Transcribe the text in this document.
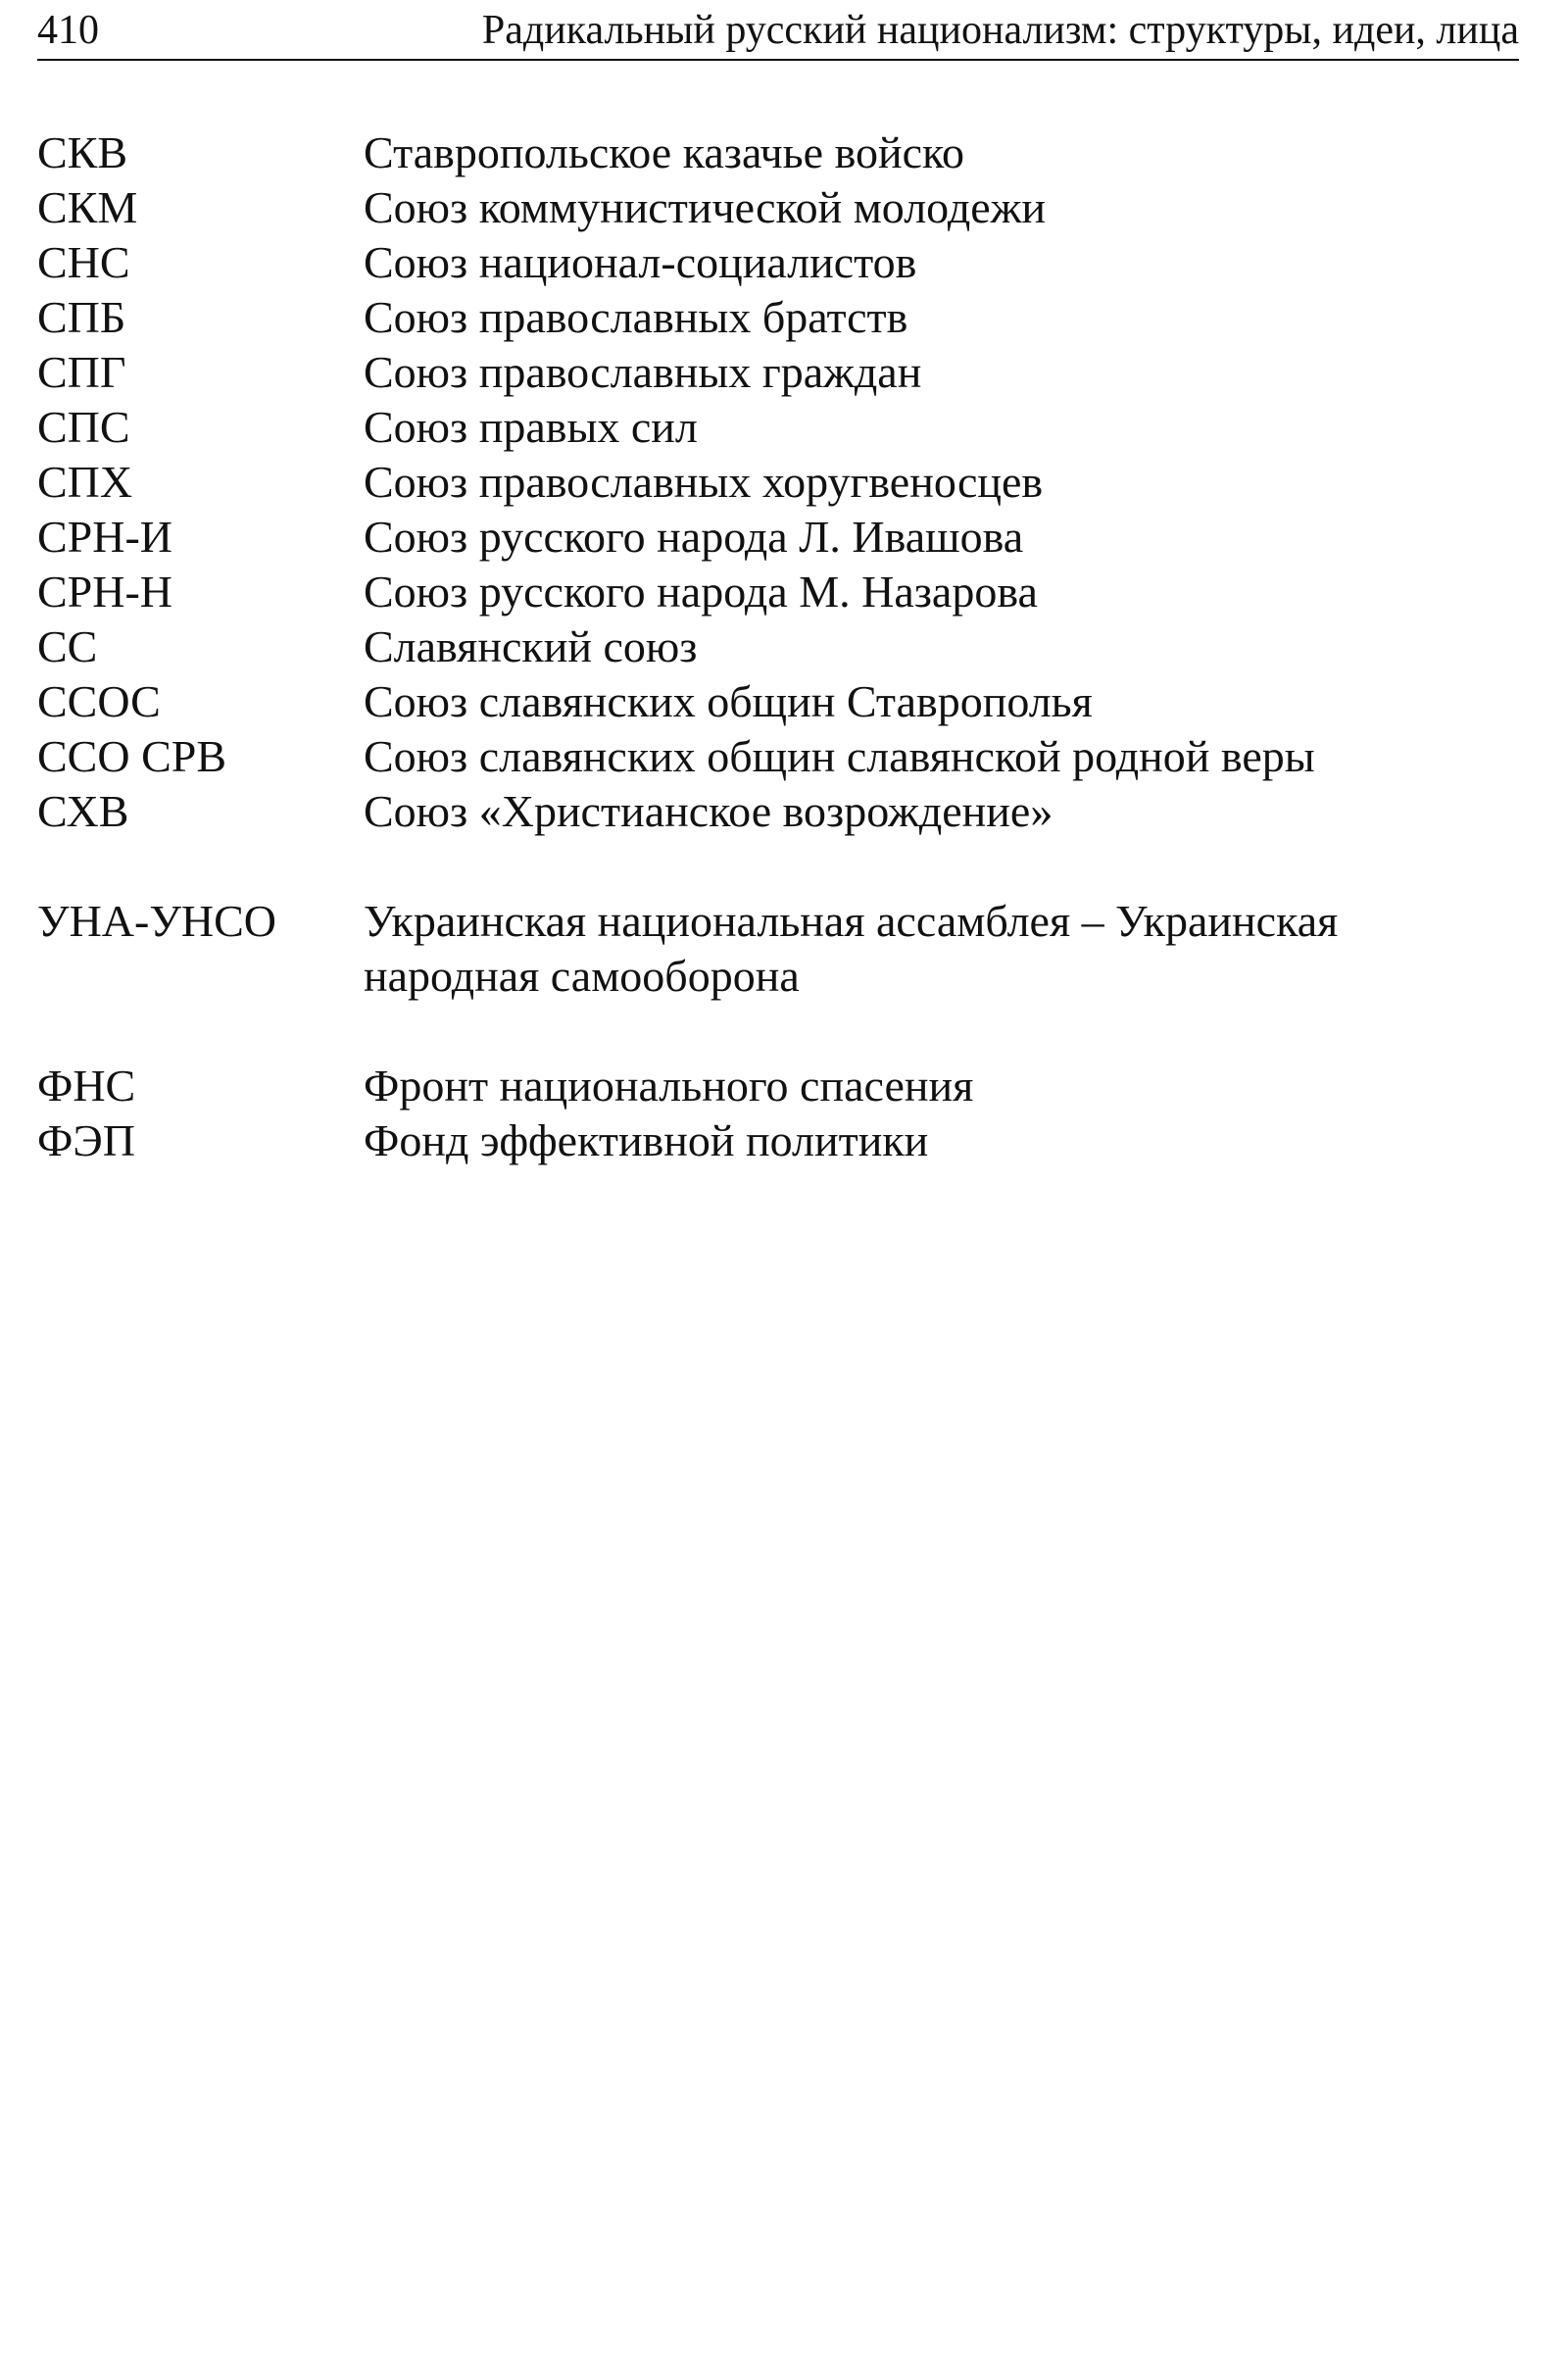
410	Радикальный русский национализм: структуры, идеи, лица
СКВ	Ставропольское казачье войско
СКМ	Союз коммунистической молодежи
СНС	Союз национал-социалистов
СПБ	Союз православных братств
СПГ	Союз православных граждан
СПС	Союз правых сил
СПХ	Союз православных хоругвеносцев
СРН-И	Союз русского народа Л. Ивашова
СРН-Н	Союз русского народа М. Назарова
СС	Славянский союз
ССОС	Союз славянских общин Ставрополья
ССО СРВ	Союз славянских общин славянской родной веры
СХВ	Союз «Христианское возрождение»
УНА-УНСО Украинская национальная ассамблея – Украинская народная самооборона
ФНС	Фронт национального спасения
ФЭП	Фонд эффективной политики
